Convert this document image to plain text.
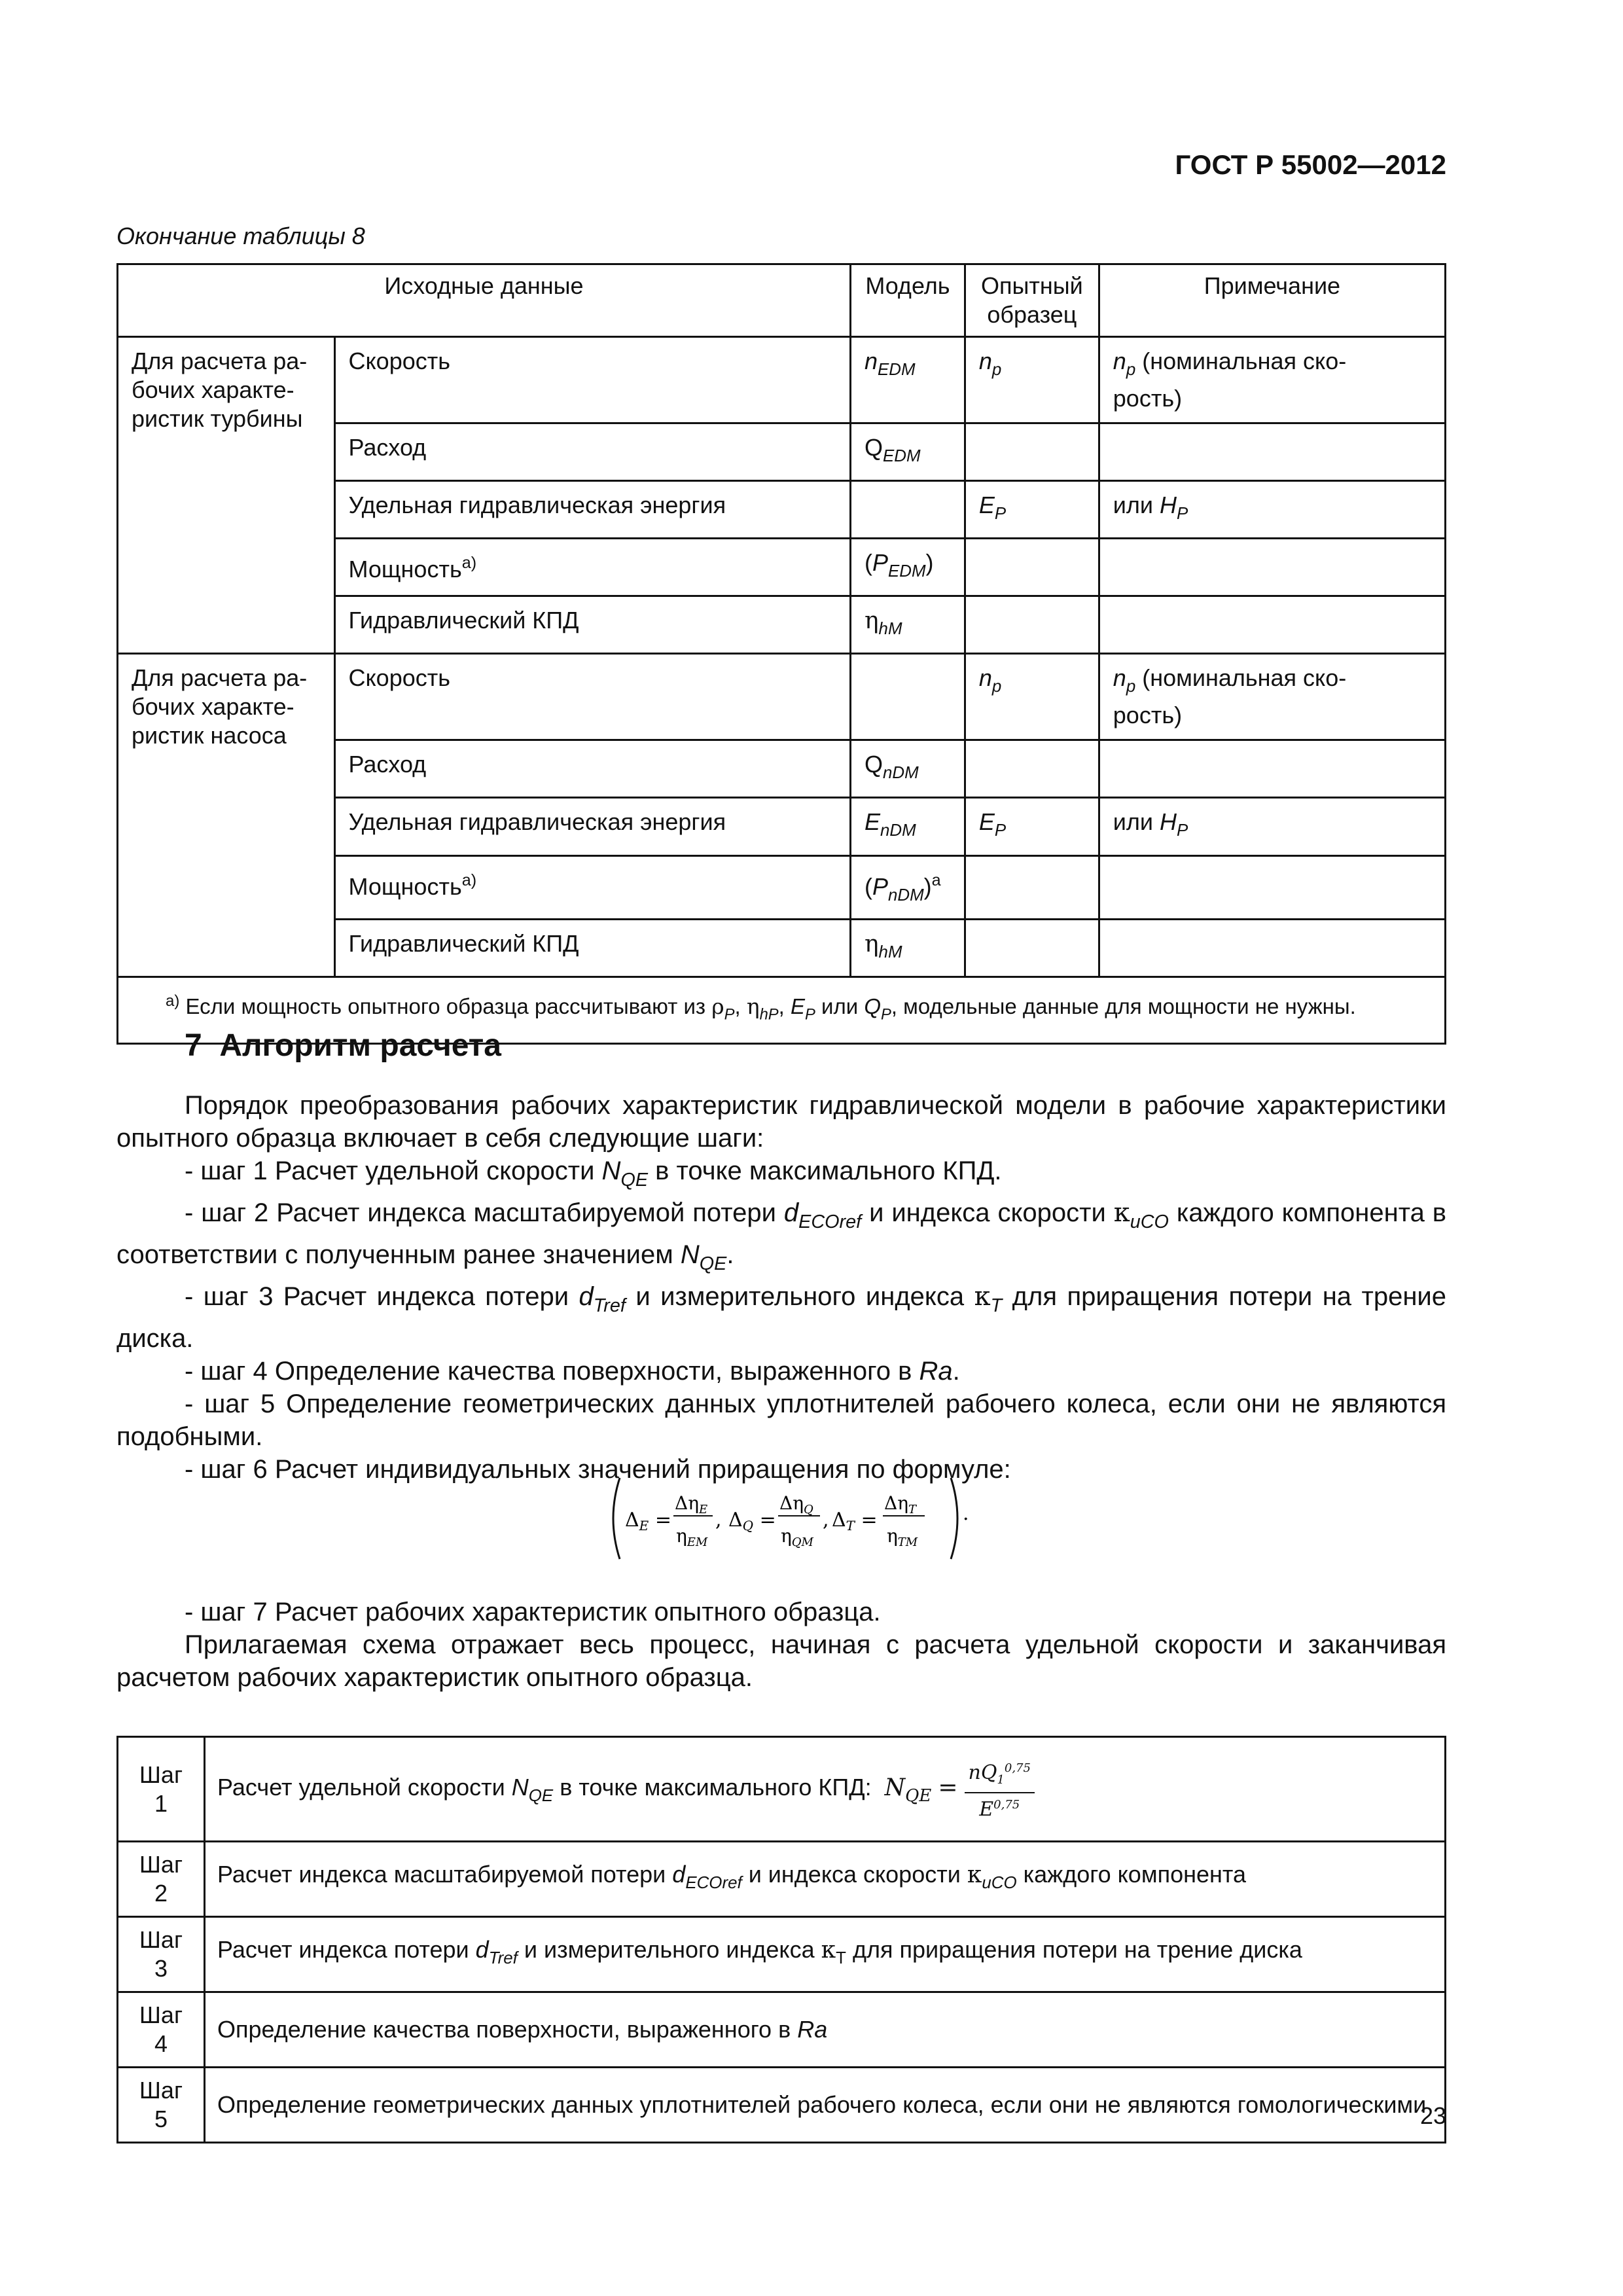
ГОСТ Р 55002—2012
Окончание таблицы 8
Исходные данные		Модель	Опытный
образец	Примечание
Для расчета ра-
бочих характе-
ристик турбины	Скорость	$n_{EDM}$	$n_p$	$n_p$ (номинальная ско-
рость)
	Расход	$Q_{EDM}$		
	Удельная гидравлическая энергия		$E_P$	или $H_P$
	Мощность$^{а)}$	$(P_{EDM})$		
	Гидравлический КПД	$\eta_{hM}$		
Для расчета ра-
бочих характе-
ристик насоса	Скорость		$n_p$	$n_p$ (номинальная ско-
рость)
	Расход	$Q_{nDM}$		
	Удельная гидравлическая энергия	$E_{nDM}$	$E_P$	или $H_P$
	Мощность$^{а)}$	$(P_{nDM})^a$		
	Гидравлический КПД	$\eta_{hM}$		
$^{а)}$ Если мощность опытного образца рассчитывают из $\rho_P$, $\eta_{hP}$, $E_P$ или $Q_P$, модельные данные для мощности не нужны.				
7 Алгоритм расчета

Порядок преобразования рабочих характеристик гидравлической модели в рабочие характеристики опытного образца включает в себя следующие шаги:

- шаг 1 Расчет удельной скорости $N_{QE}$ в точке максимального КПД.

- шаг 2 Расчет индекса масштабируемой потери $d_{ECOref}$ и индекса скорости $\kappa_{uCO}$ каждого компонента в соответствии с полученным ранее значением $N_{QE}$.

- шаг 3 Расчет индекса потери $d_{Tref}$ и измерительного индекса $\kappa_T$ для приращения потери на трение диска.

- шаг 4 Определение качества поверхности, выраженного в Ra.

- шаг 5 Определение геометрических данных уплотнителей рабочего колеса, если они не являются подобными.

- шаг 6 Расчет индивидуальных значений приращения по формуле:

$\Delta_E$ =
$\Delta\eta_E$
$\eta_{EM}$
, $\Delta_Q$ =
$\Delta\eta_Q$
$\eta_{QM}$
, $\Delta_T$ =
$\Delta\eta_T$
$\eta_{TM}$
.

- шаг 7 Расчет рабочих характеристик опытного образца.

Прилагаемая схема отражает весь процесс, начиная с расчета удельной скорости и заканчивая расчетом рабочих характеристик опытного образца.

Шаг 1	Расчет удельной скорости $N_{QE}$ в точке максимального КПД:  $N_{QE} = \frac{nQ_1^{0,75}}{E^{0,75}}$

Шаг 2	Расчет индекса масштабируемой потери $d_{ECOref}$ и индекса скорости $\kappa_{uCO}$ каждого компонента
Шаг 3	Расчет индекса потери $d_{Tref}$ и измерительного индекса $\kappa_T$ для приращения потери на трение диска
Шаг 4	Определение качества поверхности, выраженного в Ra
Шаг 5	Определение геометрических данных уплотнителей рабочего колеса, если они не являются гомологическими
23
